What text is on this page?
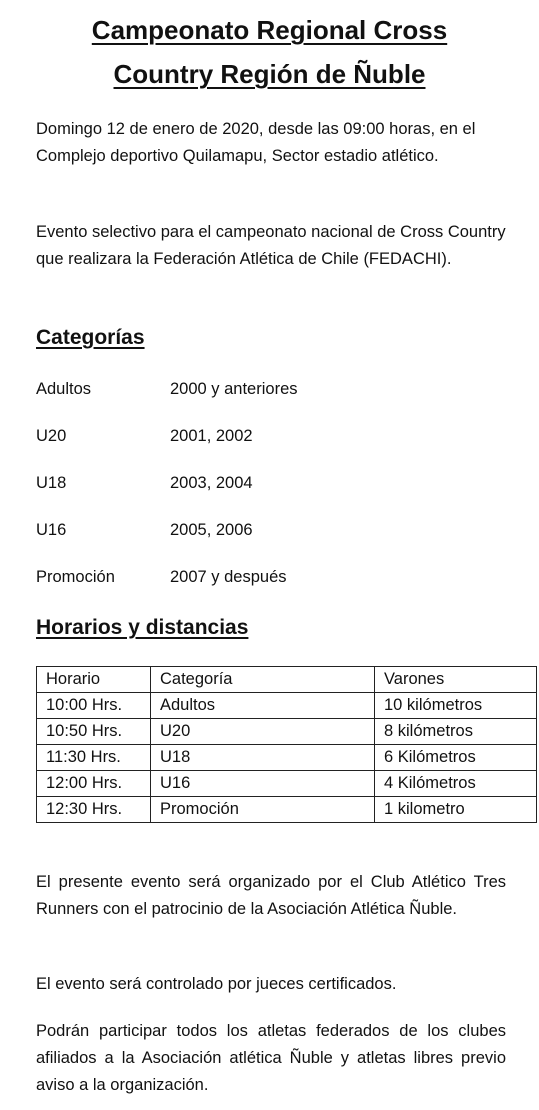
Campeonato Regional Cross
Country Región de Ñuble

Domingo 12 de enero de 2020, desde las 09:00 horas, en el Complejo deportivo Quilamapu, Sector estadio atlético.

Evento selectivo para el campeonato nacional de Cross Country que realizara la Federación Atlética de Chile (FEDACHI).

Categorías
Adultos	2000 y anteriores
U20	2001, 2002
U18	2003, 2004
U16	2005, 2006
Promoción	2007 y después
Horarios y distancias
Horario	Categoría	Varones
10:00 Hrs.	Adultos	10 kilómetros
10:50 Hrs.	U20	8 kilómetros
11:30 Hrs.	U18	6 Kilómetros
12:00 Hrs.	U16	4 Kilómetros
12:30 Hrs.	Promoción	1 kilometro

El presente evento será organizado por el Club Atlético Tres Runners con el patrocinio de la Asociación Atlética Ñuble.

El evento será controlado por jueces certificados.

Podrán participar todos los atletas federados de los clubes afiliados a la Asociación atlética Ñuble y atletas libres previo aviso a la organización.
